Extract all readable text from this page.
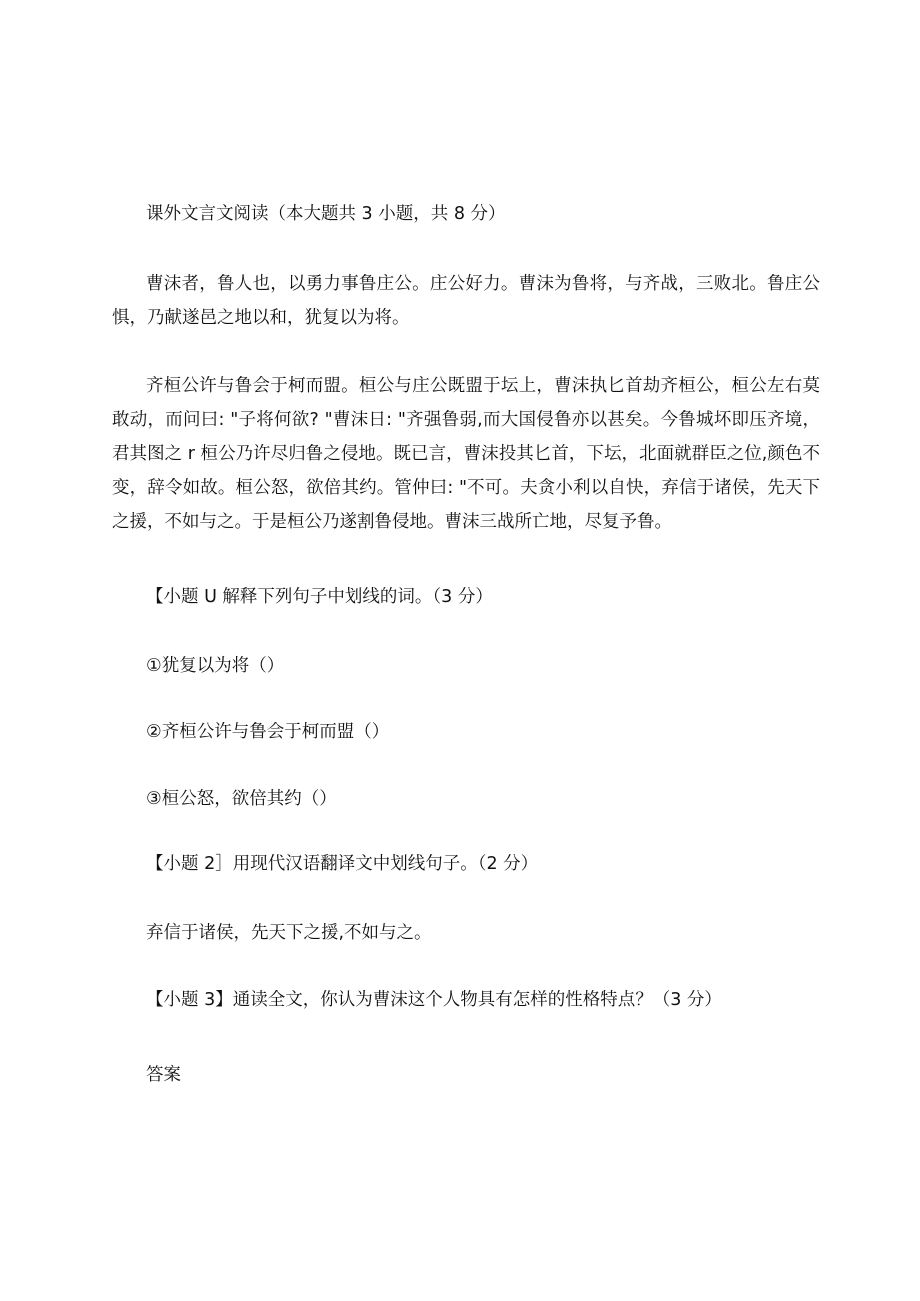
课外文言文阅读（本大题共 3 小题，共 8 分）
曹沫者，鲁人也，以勇力事鲁庄公。庄公好力。曹沫为鲁将，与齐战，三败北。鲁庄公惧，乃献遂邑之地以和，犹复以为将。
齐桓公许与鲁会于柯而盟。桓公与庄公既盟于坛上，曹沫执匕首劫齐桓公，桓公左右莫敢动，而问曰: "子将何欲? "曹沫日: "齐强鲁弱,而大国侵鲁亦以甚矣。今鲁城坏即压齐境，君其图之 r 桓公乃许尽归鲁之侵地。既已言，曹沫投其匕首，下坛，北面就群臣之位,颜色不变，辞令如故。桓公怒，欲倍其约。管仲曰: "不可。夫贪小利以自快，弃信于诸侯，先天下之援，不如与之。于是桓公乃遂割鲁侵地。曹沫三战所亡地，尽复予鲁。
【小题 U 解释下列句子中划线的词。（3 分）
①犹复以为将（）
②齐桓公许与鲁会于柯而盟（）
③桓公怒，欲倍其约（）
【小题 2］用现代汉语翻译文中划线句子。（2 分）
弃信于诸侯，先天下之援,不如与之。
【小题 3】通读全文，你认为曹沫这个人物具有怎样的性格特点？（3 分）
答案
